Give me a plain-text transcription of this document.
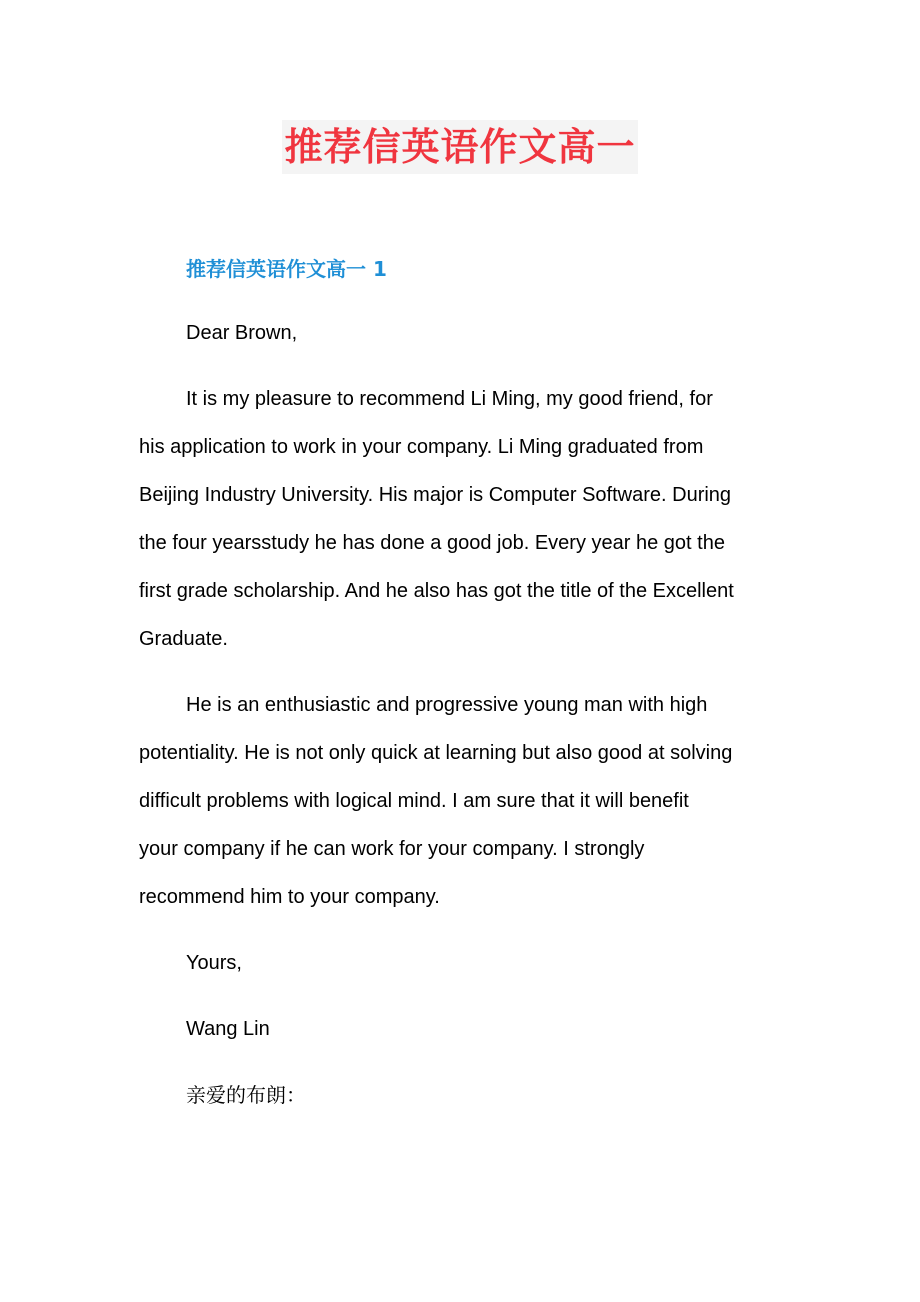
推荐信英语作文高一
推荐信英语作文高一 1
Dear Brown,
It is my pleasure to recommend Li Ming, my good friend, for
his application to work in your company. Li Ming graduated from
Beijing Industry University. His major is Computer Software. During
the four yearsstudy he has done a good job. Every year he got the
first grade scholarship. And he also has got the title of the Excellent
Graduate.
He is an enthusiastic and progressive young man with high
potentiality. He is not only quick at learning but also good at solving
difficult problems with logical mind. I am sure that it will benefit
your company if he can work for your company. I strongly
recommend him to your company.
Yours,
Wang Lin
亲爱的布朗：
